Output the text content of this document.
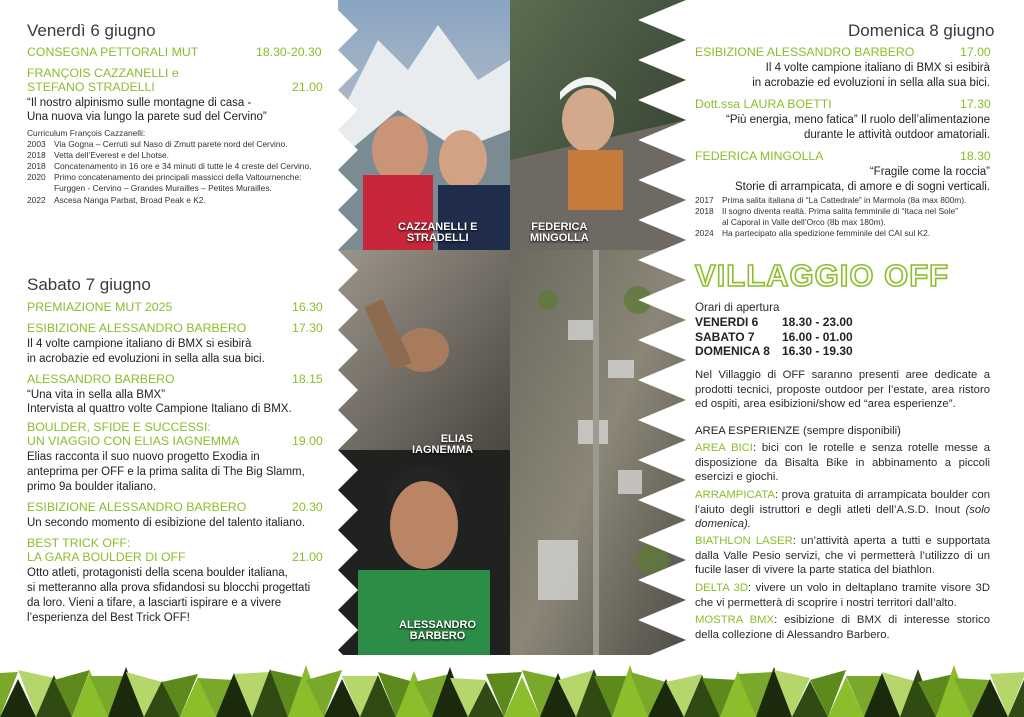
Venerdì 6 giugno
CONSEGNA PETTORALI MUT	18.30-20.30
FRANÇOIS CAZZANELLI e
STEFANO STRADELLI	21.00
“Il nostro alpinismo sulle montagne di casa -
Una nuova via lungo la parete sud del Cervino”
Curriculum François Cazzanelli:
2003 Via Gogna – Cerruti sul Naso di Zmutt parete nord del Cervino.
2018 Vetta dell’Everest e del Lhotse.
2018 Concatenamento in 16 ore e 34 minuti di tutte le 4 creste del Cervino.
2020 Primo concatenamento dei principali massicci della Valtournenche: Furggen - Cervino – Grandes Murailles – Petites Murailles.
2022 Ascesa Nanga Parbat, Broad Peak e K2.
Sabato 7 giugno
PREMIAZIONE MUT 2025	16.30
ESIBIZIONE ALESSANDRO BARBERO	17.30
Il 4 volte campione italiano di BMX si esibirà
in acrobazie ed evoluzioni in sella alla sua bici.
ALESSANDRO BARBERO	18.15
“Una vita in sella alla BMX”
Intervista al quattro volte Campione Italiano di BMX.
BOULDER, SFIDE E SUCCESSI:
UN VIAGGIO CON ELIAS IAGNEMMA	19.00
Elias racconta il suo nuovo progetto Exodia in
anteprima per OFF e la prima salita di The Big Slamm,
primo 9a boulder italiano.
ESIBIZIONE ALESSANDRO BARBERO	20.30
Un secondo momento di esibizione del talento italiano.
BEST TRICK OFF:
LA GARA BOULDER DI OFF	21.00
Otto atleti, protagonisti della scena boulder italiana,
si metteranno alla prova sfidandosi su blocchi progettati
da loro. Vieni a tifare, a lasciarti ispirare e a vivere
l’esperienza del Best Trick OFF!
CAZZANELLI E
STRADELLI
FEDERICA
MINGOLLA
ELIAS
IAGNEMMA
ALESSANDRO
BARBERO
Domenica 8 giugno
ESIBIZIONE ALESSANDRO BARBERO	17.00
Il 4 volte campione italiano di BMX si esibirà
in acrobazie ed evoluzioni in sella alla sua bici.
Dott.ssa LAURA BOETTI	17.30
“Più energia, meno fatica” Il ruolo dell’alimentazione
durante le attività outdoor amatoriali.
FEDERICA MINGOLLA	18.30
“Fragile come la roccia”
Storie di arrampicata, di amore e di sogni verticali.
2017 Prima salita italiana di “La Cattedrale” in Marmola (8a max 800m).
2018 Il sogno diventa realtà. Prima salita femminile di “Itaca nel Sole”
al Caporal in Valle dell’Orco (8b max 180m).
2024 Ha partecipato alla spedizione femminile del CAI sul K2.
VILLAGGIO OFF
Orari di apertura
VENERDI 6	18.30 - 23.00
SABATO 7	16.00 - 01.00
DOMENICA 8	16.30 - 19.30
Nel Villaggio di OFF saranno presenti aree dedicate a prodotti tecnici, proposte outdoor per l’estate, area ristoro ed ospiti, area esibizioni/show ed “area esperienze”.
AREA ESPERIENZE (sempre disponibili)
AREA BICI: bici con le rotelle e senza rotelle messe a disposizione da Bisalta Bike in abbinamento a piccoli esercizi e giochi.
ARRAMPICATA: prova gratuita di arrampicata boulder con l’aiuto degli istruttori e degli atleti dell’A.S.D. Inout (solo domenica).
BIATHLON LASER: un’attività aperta a tutti e supportata dalla Valle Pesio servizi, che vi permetterà l’utilizzo di un fucile laser di vivere la parte statica del biathlon.
DELTA 3D: vivere un volo in deltaplano tramite visore 3D che vi permetterà di scoprire i nostri territori dall’alto.
MOSTRA BMX: esibizione di BMX di interesse storico della collezione di Alessandro Barbero.
